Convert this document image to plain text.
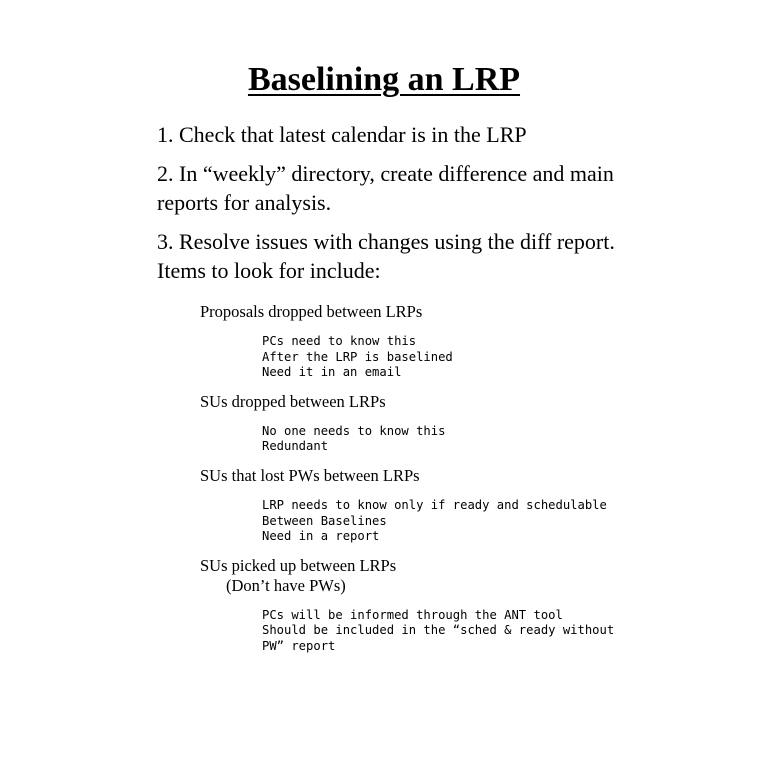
Baselining an LRP
1. Check that latest calendar is in the LRP
2. In “weekly” directory, create difference and main reports for analysis.
3. Resolve issues with changes using the diff report. Items to look for include:
Proposals dropped between LRPs
PCs need to know this
After the LRP is baselined
Need it in an email
SUs dropped between LRPs
No one needs to know this
Redundant
SUs that lost PWs between LRPs
LRP needs to know only if ready and schedulable
Between Baselines
Need in a report
SUs picked up between LRPs
(Don’t have PWs)
PCs will be informed through the ANT tool
Should be included in the “sched & ready without
PW” report
